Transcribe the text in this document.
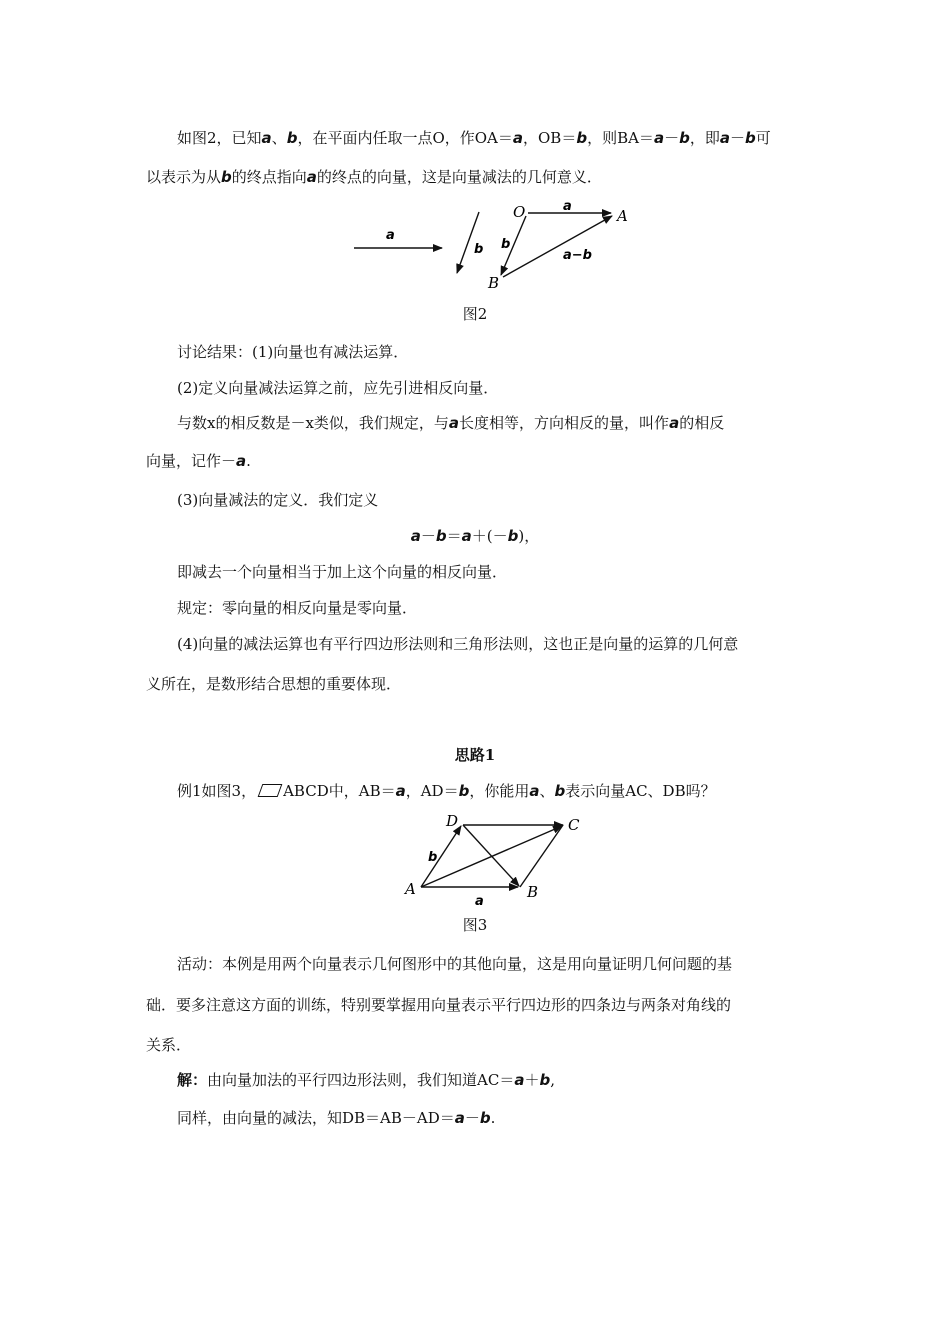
如图2，已知a、b，在平面内任取一点O，作OA＝a，OB＝b，则BA＝a－b，即a－b可
以表示为从b的终点指向a的终点的向量，这是向量减法的几何意义．
a
b
O	a
A
b
a−b
B
图2
讨论结果：(1)向量也有减法运算．
(2)定义向量减法运算之前，应先引进相反向量．
与数x的相反数是－x类似，我们规定，与a长度相等，方向相反的量，叫作a的相反
向量，记作－a.
(3)向量减法的定义．我们定义
a－b＝a＋(－b)，
即减去一个向量相当于加上这个向量的相反向量．
规定：零向量的相反向量是零向量．
(4)向量的减法运算也有平行四边形法则和三角形法则，这也正是向量的运算的几何意
义所在，是数形结合思想的重要体现．
思路1
例1如图3， ABCD中，AB＝a，AD＝b，你能用a、b表示向量AC、DB吗？
D	C
b
A
a
B
图3
活动：本例是用两个向量表示几何图形中的其他向量，这是用向量证明几何问题的基
础．要多注意这方面的训练，特别要掌握用向量表示平行四边形的四条边与两条对角线的
关系．
解：由向量加法的平行四边形法则，我们知道AC＝a＋b,
同样，由向量的减法，知DB＝AB－AD＝a－b.
